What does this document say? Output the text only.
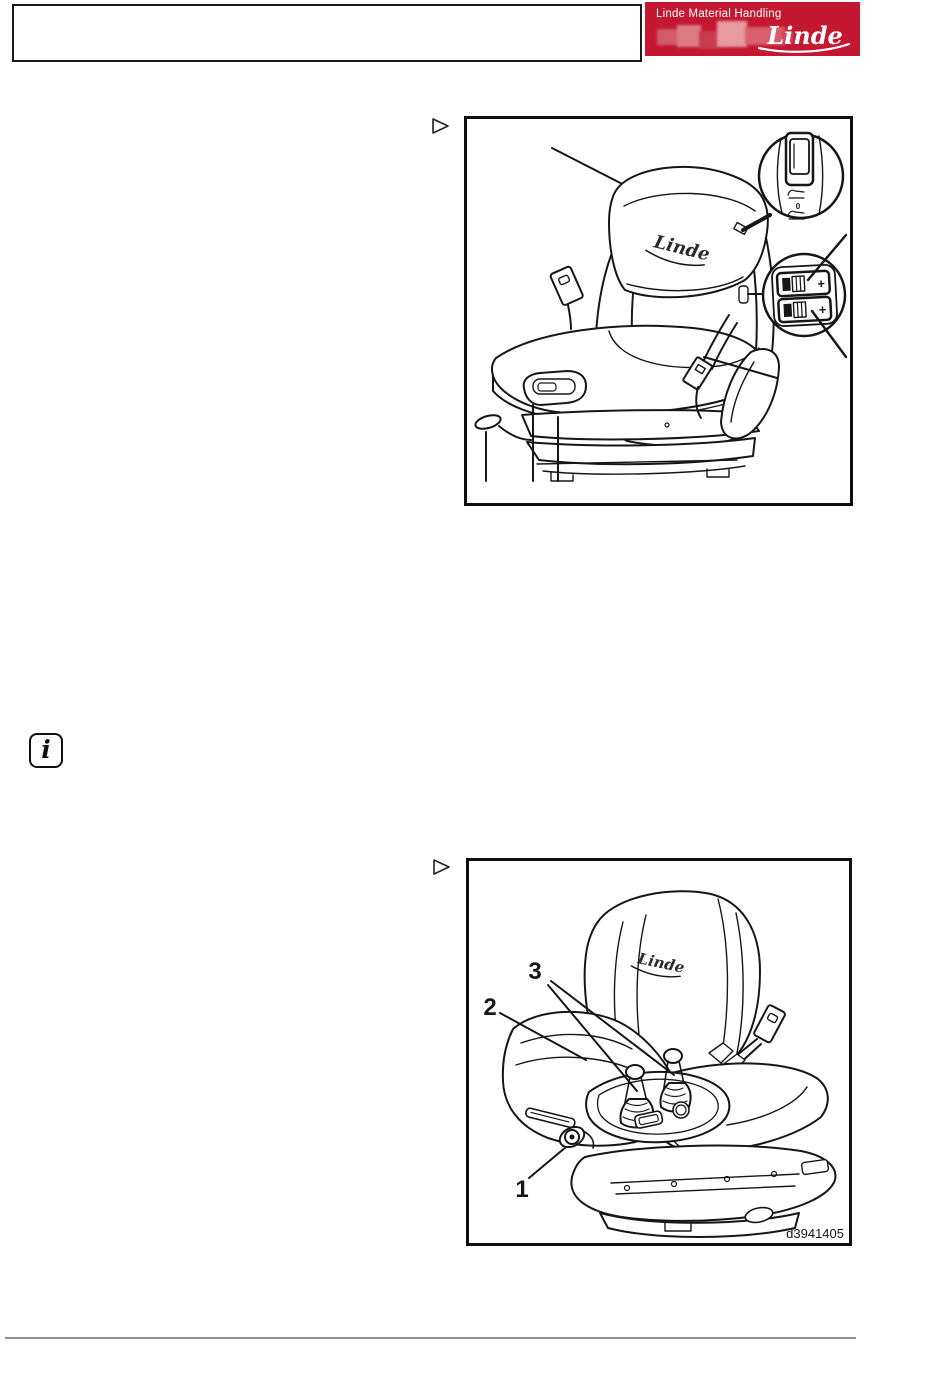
Linde Material Handling
Linde
Linde
0
+
+
Linde
1
2
3
d3941405
i
